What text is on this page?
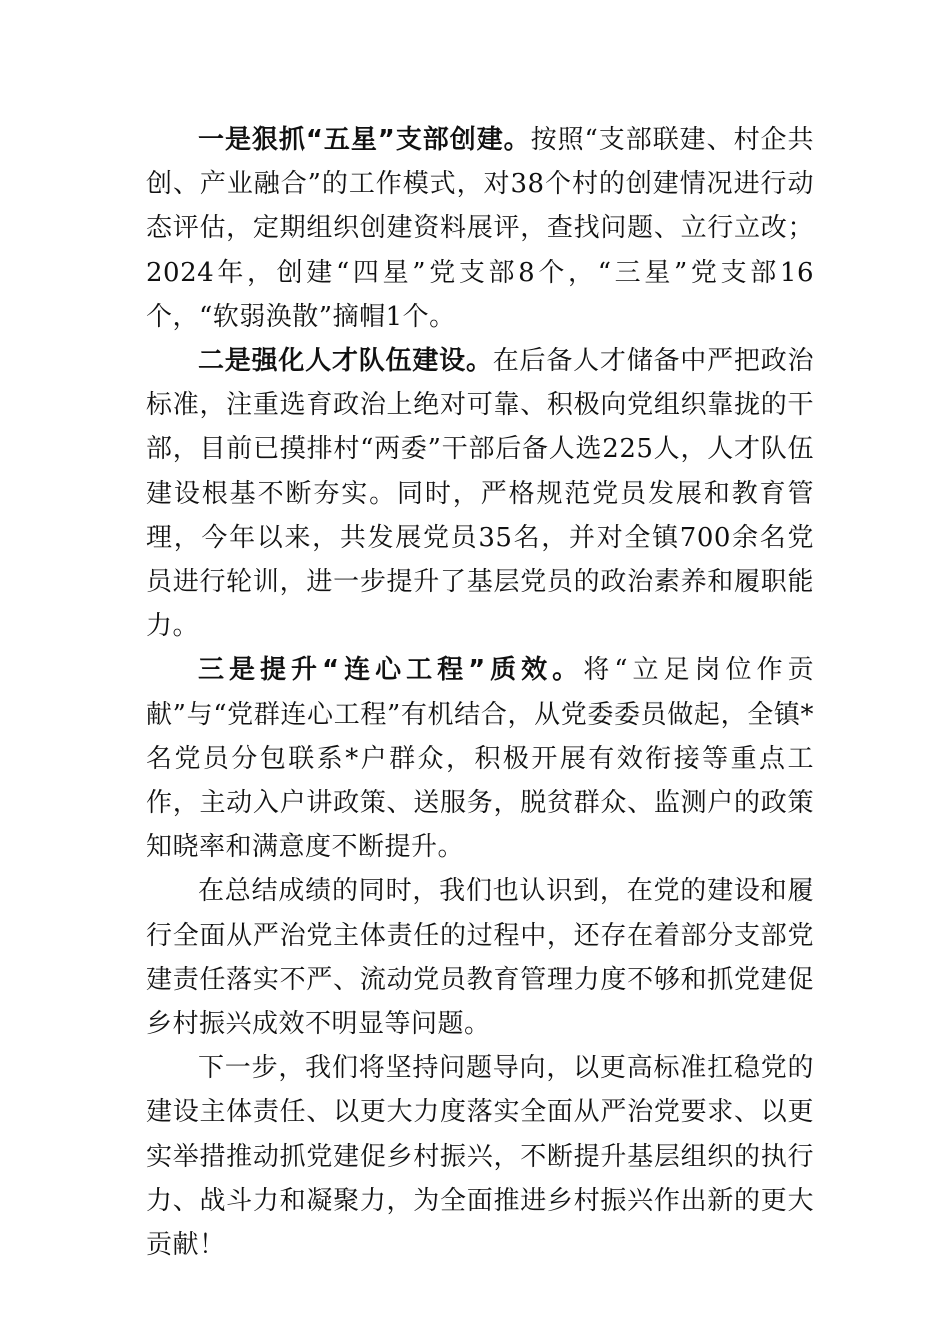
一是狠抓“五星”支部创建。按照“支部联建、村企共创、产业融合”的工作模式，对38个村的创建情况进行动态评估，定期组织创建资料展评，查找问题、立行立改；2024年，创建“四星”党支部8个，“三星”党支部16个，“软弱涣散”摘帽1个。

二是强化人才队伍建设。在后备人才储备中严把政治标准，注重选育政治上绝对可靠、积极向党组织靠拢的干部，目前已摸排村“两委”干部后备人选225人，人才队伍建设根基不断夯实。同时，严格规范党员发展和教育管理，今年以来，共发展党员35名，并对全镇700余名党员进行轮训，进一步提升了基层党员的政治素养和履职能力。

三是提升“连心工程”质效。将“立足岗位作贡献”与“党群连心工程”有机结合，从党委委员做起，全镇*名党员分包联系*户群众，积极开展有效衔接等重点工作，主动入户讲政策、送服务，脱贫群众、监测户的政策知晓率和满意度不断提升。

在总结成绩的同时，我们也认识到，在党的建设和履行全面从严治党主体责任的过程中，还存在着部分支部党建责任落实不严、流动党员教育管理力度不够和抓党建促乡村振兴成效不明显等问题。

下一步，我们将坚持问题导向，以更高标准扛稳党的建设主体责任、以更大力度落实全面从严治党要求、以更实举措推动抓党建促乡村振兴，不断提升基层组织的执行力、战斗力和凝聚力，为全面推进乡村振兴作出新的更大贡献！
